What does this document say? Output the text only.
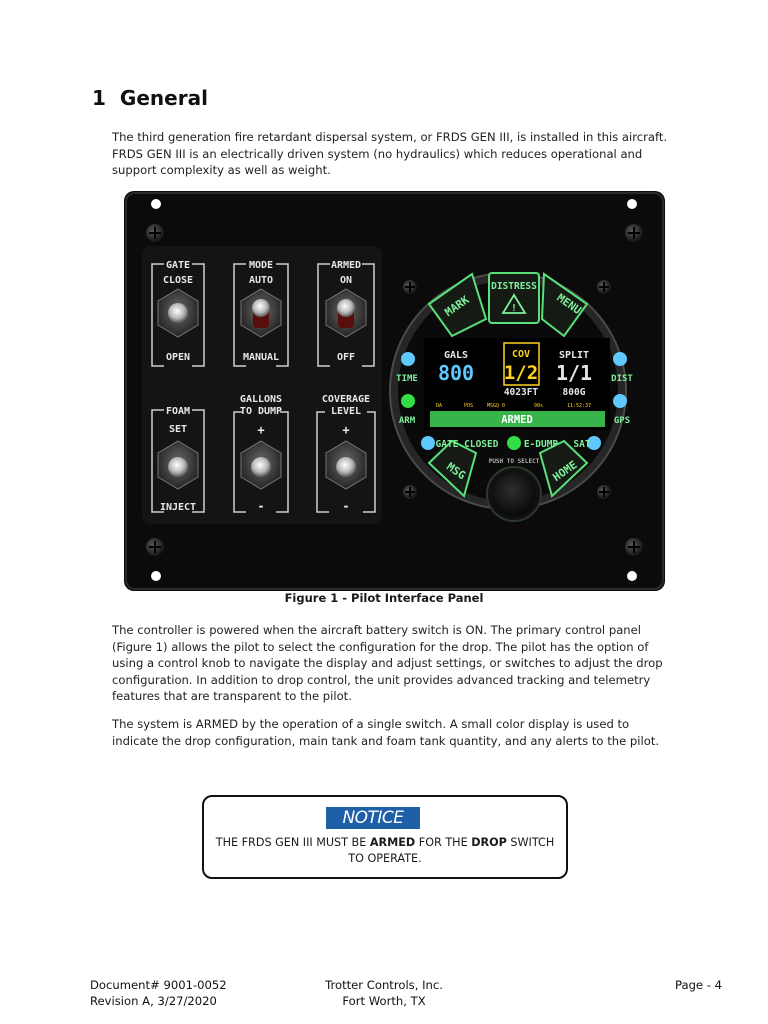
1 General
The third generation fire retardant dispersal system, or FRDS GEN III, is installed in this aircraft. FRDS GEN III is an electrically driven system (no hydraulics) which reduces operational and support complexity as well as weight.
GATE
CLOSE
OPEN
MODE
AUTO
MANUAL
ARMED
ON
OFF
FOAM
SET
INJECT
GALLONS
TO DUMP
+
-
COVERAGE
LEVEL
+
-
MARK
DISTRESS
!	MENU
MSG	HOME
TIME
ARM
DIST
GPS
GATE CLOSED	E-DUMP SAT
GALS
800
COV
1/2
4023FT
SPLIT
1/1
800G
DA	POS	MSGQ 0	90s	11:52:37
ARMED
PUSH TO SELECT
Figure 1 - Pilot Interface Panel
The controller is powered when the aircraft battery switch is ON. The primary control panel (Figure 1) allows the pilot to select the configuration for the drop. The pilot has the option of using a control knob to navigate the display and adjust settings, or switches to adjust the drop configuration. In addition to drop control, the unit provides advanced tracking and telemetry features that are transparent to the pilot.
The system is ARMED by the operation of a single switch. A small color display is used to indicate the drop configuration, main tank and foam tank quantity, and any alerts to the pilot.
NOTICE
THE FRDS GEN III MUST BE ARMED FOR THE DROP SWITCH TO OPERATE.
Document# 9001-0052
Revision A, 3/27/2020
Trotter Controls, Inc.
Fort Worth, TX
Page - 4
